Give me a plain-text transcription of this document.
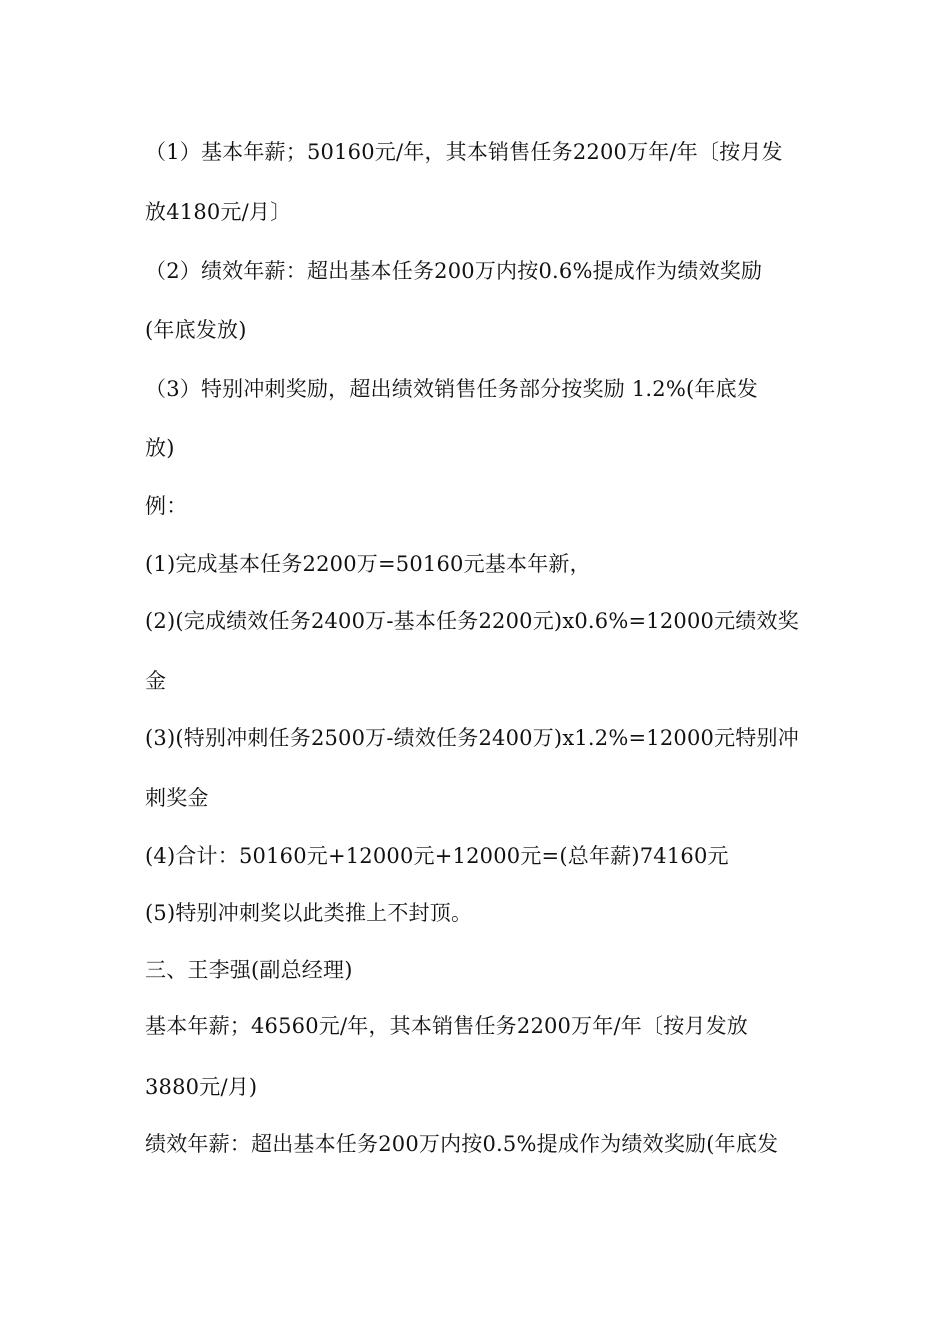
（1）基本年薪；50160元/年，其本销售任务2200万年/年〔按月发
放4180元/月〕
（2）绩效年薪：超出基本任务200万内按0.6%提成作为绩效奖励
(年底发放)
（3）特别冲刺奖励，超出绩效销售任务部分按奖励 1.2%(年底发
放)
例：
(1)完成基本任务2200万=50160元基本年新，
(2)(完成绩效任务2400万-基本任务2200元)x0.6%=12000元绩效奖
金
(3)(特别冲刺任务2500万-绩效任务2400万)x1.2%=12000元特别冲
刺奖金
(4)合计：50160元+12000元+12000元=(总年薪)74160元
(5)特别冲刺奖以此类推上不封顶。
三、王李强(副总经理)
基本年薪；46560元/年，其本销售任务2200万年/年〔按月发放
3880元/月)
绩效年薪：超出基本任务200万内按0.5%提成作为绩效奖励(年底发
